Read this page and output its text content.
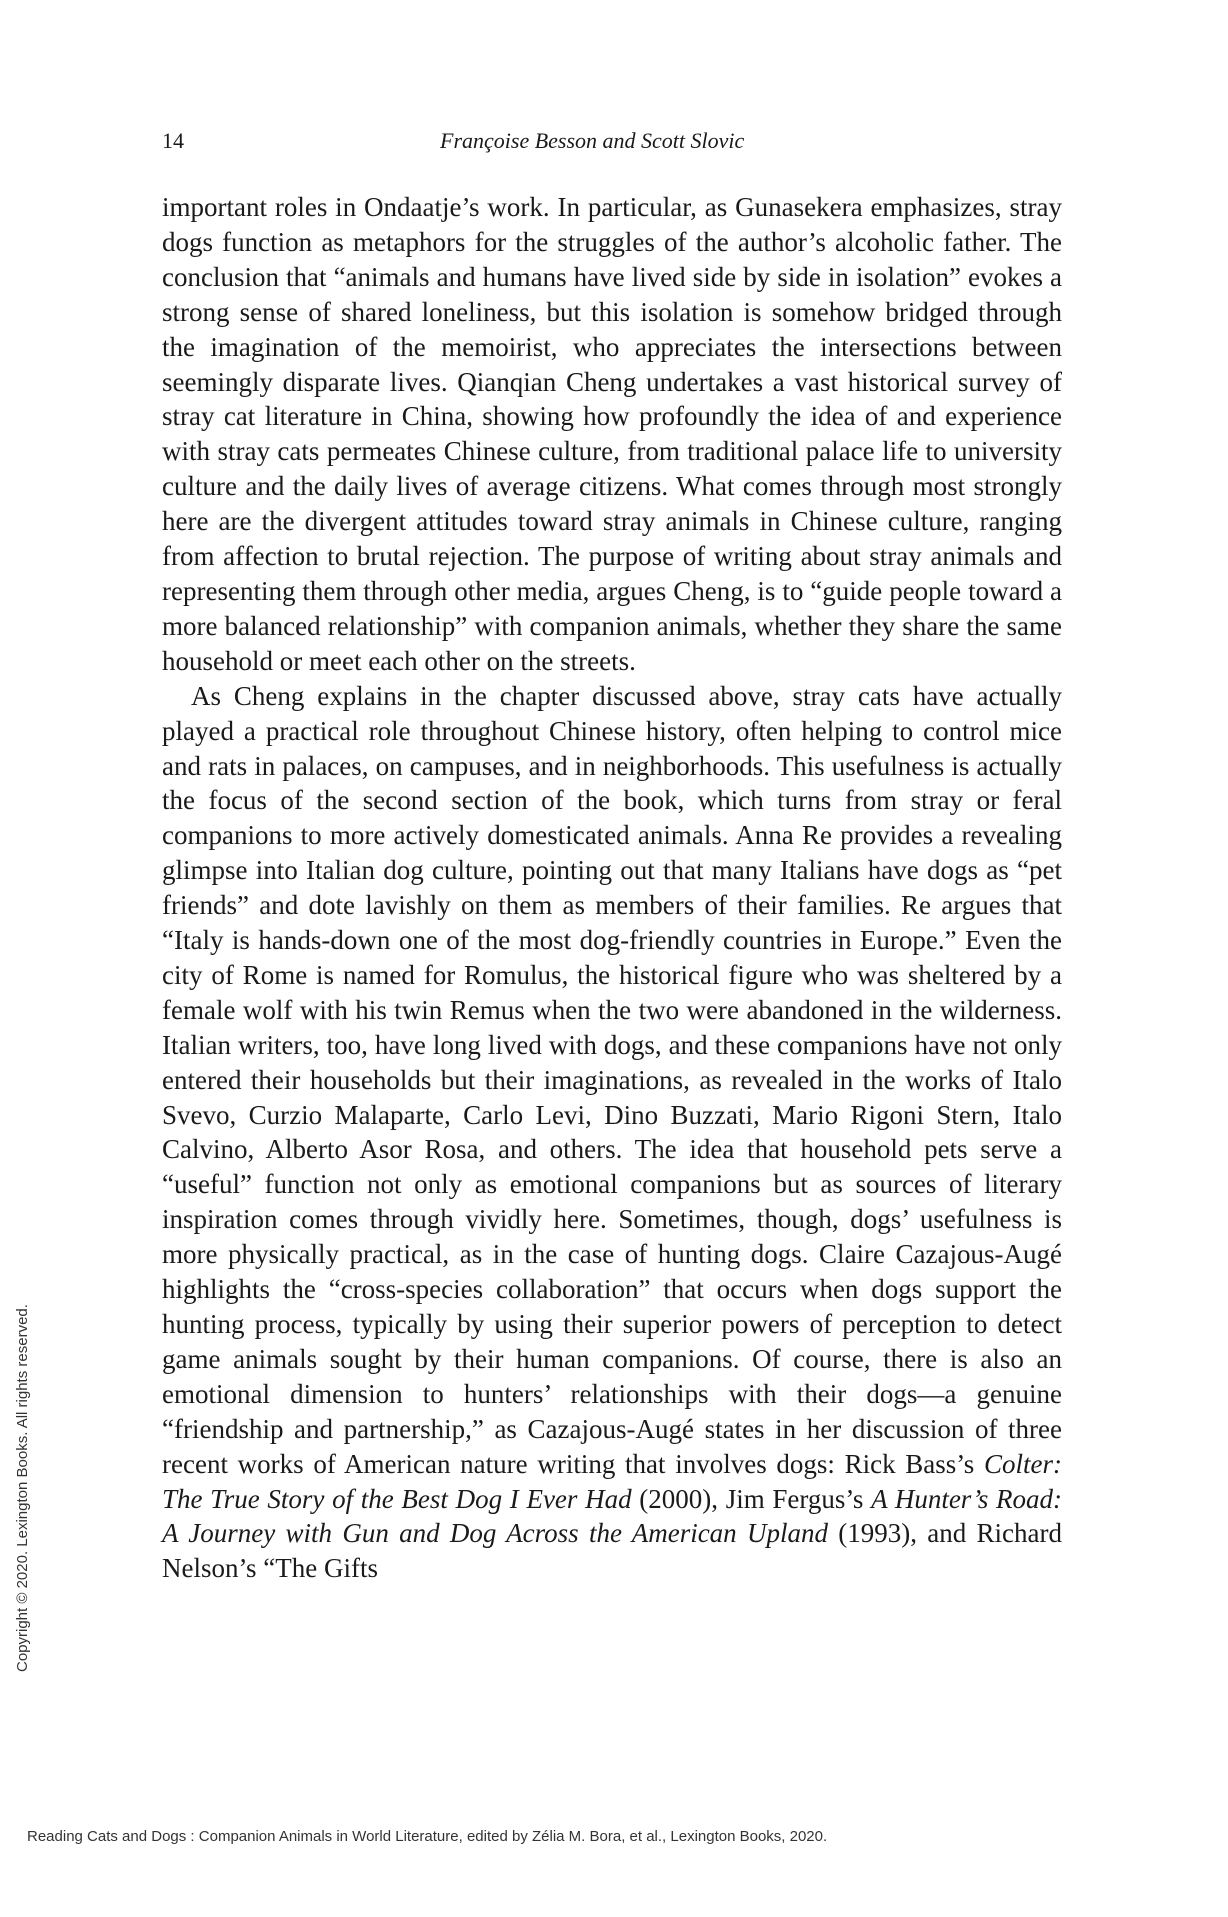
14	Françoise Besson and Scott Slovic

important roles in Ondaatje’s work. In particular, as Gunasekera emphasizes, stray dogs function as metaphors for the struggles of the author’s alcoholic father. The conclusion that “animals and humans have lived side by side in isolation” evokes a strong sense of shared loneliness, but this isolation is somehow bridged through the imagination of the memoirist, who appreciates the intersections between seemingly disparate lives. Qianqian Cheng undertakes a vast historical survey of stray cat literature in China, showing how profoundly the idea of and experience with stray cats permeates Chinese culture, from traditional palace life to university culture and the daily lives of average citizens. What comes through most strongly here are the divergent attitudes toward stray animals in Chinese culture, ranging from affection to brutal rejection. The purpose of writing about stray animals and representing them through other media, argues Cheng, is to “guide people toward a more balanced relationship” with companion animals, whether they share the same household or meet each other on the streets.

As Cheng explains in the chapter discussed above, stray cats have actually played a practical role throughout Chinese history, often helping to control mice and rats in palaces, on campuses, and in neighborhoods. This usefulness is actually the focus of the second section of the book, which turns from stray or feral companions to more actively domesticated animals. Anna Re provides a revealing glimpse into Italian dog culture, pointing out that many Italians have dogs as “pet friends” and dote lavishly on them as members of their families. Re argues that “Italy is hands-down one of the most dog-friendly countries in Europe.” Even the city of Rome is named for Romulus, the historical figure who was sheltered by a female wolf with his twin Remus when the two were abandoned in the wilderness. Italian writers, too, have long lived with dogs, and these companions have not only entered their households but their imaginations, as revealed in the works of Italo Svevo, Curzio Malaparte, Carlo Levi, Dino Buzzati, Mario Rigoni Stern, Italo Calvino, Alberto Asor Rosa, and others. The idea that household pets serve a “useful” function not only as emotional companions but as sources of literary inspiration comes through vividly here. Sometimes, though, dogs’ usefulness is more physically practical, as in the case of hunting dogs. Claire Cazajous-Augé highlights the “cross-species collaboration” that occurs when dogs support the hunting process, typically by using their superior powers of perception to detect game animals sought by their human companions. Of course, there is also an emotional dimension to hunters’ relationships with their dogs—a genuine “friendship and partnership,” as Cazajous-Augé states in her discussion of three recent works of American nature writing that involves dogs: Rick Bass’s Colter: The True Story of the Best Dog I Ever Had (2000), Jim Fergus’s A Hunter’s Road: A Journey with Gun and Dog Across the American Upland (1993), and Richard Nelson’s “The Gifts

Copyright © 2020. Lexington Books. All rights reserved.
Reading Cats and Dogs : Companion Animals in World Literature, edited by Zélia M. Bora, et al., Lexington Books, 2020.
